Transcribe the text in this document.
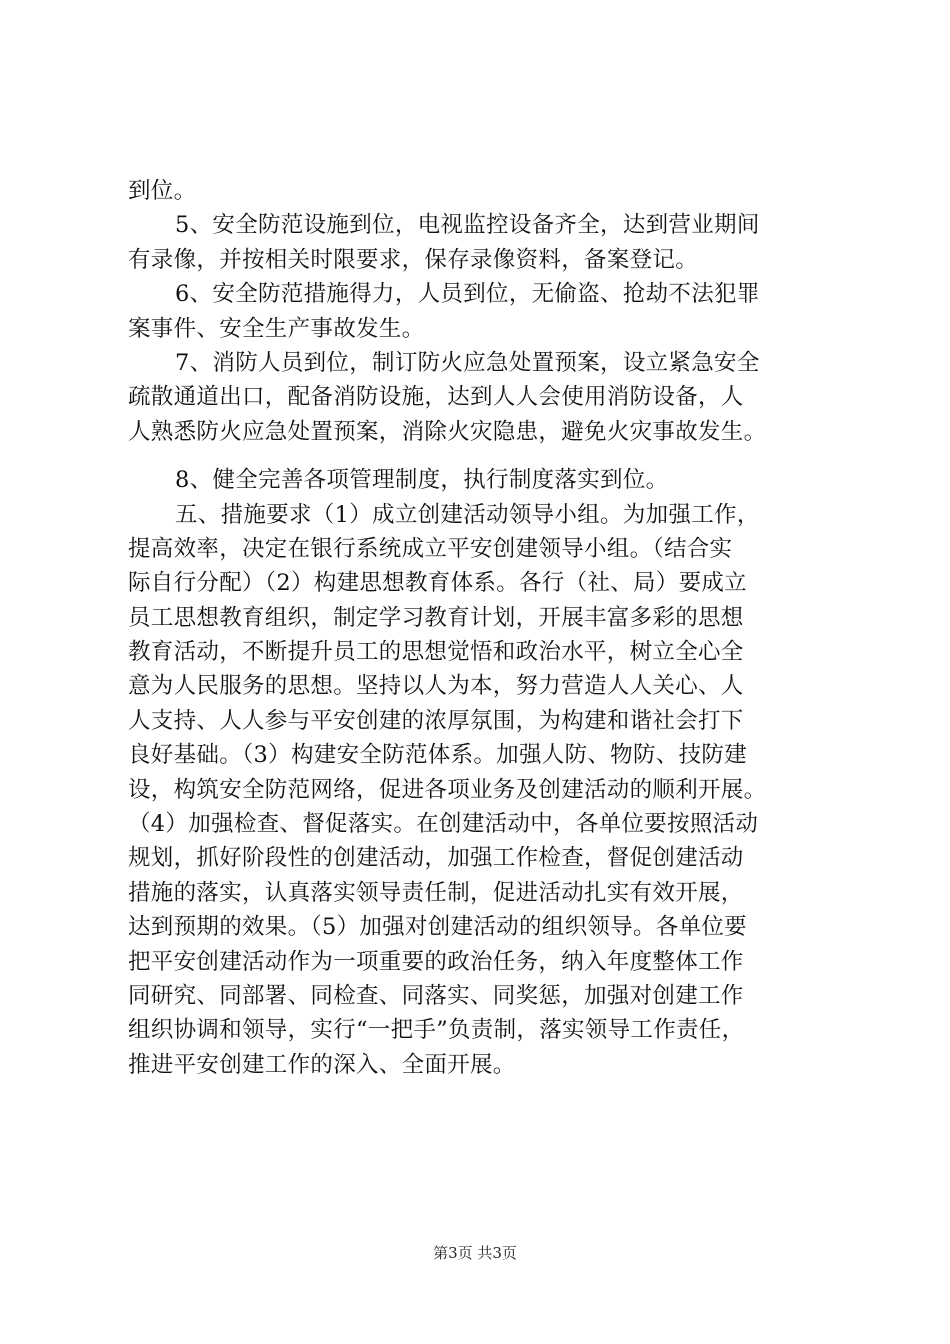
到位。
5、安全防范设施到位，电视监控设备齐全，达到营业期间
有录像，并按相关时限要求，保存录像资料，备案登记。
6、安全防范措施得力，人员到位，无偷盗、抢劫不法犯罪
案事件、安全生产事故发生。
7、消防人员到位，制订防火应急处置预案，设立紧急安全
疏散通道出口，配备消防设施，达到人人会使用消防设备，人
人熟悉防火应急处置预案，消除火灾隐患，避免火灾事故发生。
8、健全完善各项管理制度，执行制度落实到位。
五、措施要求（1）成立创建活动领导小组。为加强工作，
提高效率，决定在银行系统成立平安创建领导小组。（结合实
际自行分配）（2）构建思想教育体系。各行（社、局）要成立
员工思想教育组织，制定学习教育计划，开展丰富多彩的思想
教育活动，不断提升员工的思想觉悟和政治水平，树立全心全
意为人民服务的思想。坚持以人为本，努力营造人人关心、人
人支持、人人参与平安创建的浓厚氛围，为构建和谐社会打下
良好基础。（3）构建安全防范体系。加强人防、物防、技防建
设，构筑安全防范网络，促进各项业务及创建活动的顺利开展。
（4）加强检查、督促落实。在创建活动中，各单位要按照活动
规划，抓好阶段性的创建活动，加强工作检查，督促创建活动
措施的落实，认真落实领导责任制，促进活动扎实有效开展，
达到预期的效果。（5）加强对创建活动的组织领导。各单位要
把平安创建活动作为一项重要的政治任务，纳入年度整体工作
同研究、同部署、同检查、同落实、同奖惩，加强对创建工作
组织协调和领导，实行“一把手”负责制，落实领导工作责任，
推进平安创建工作的深入、全面开展。
第3页 共3页
